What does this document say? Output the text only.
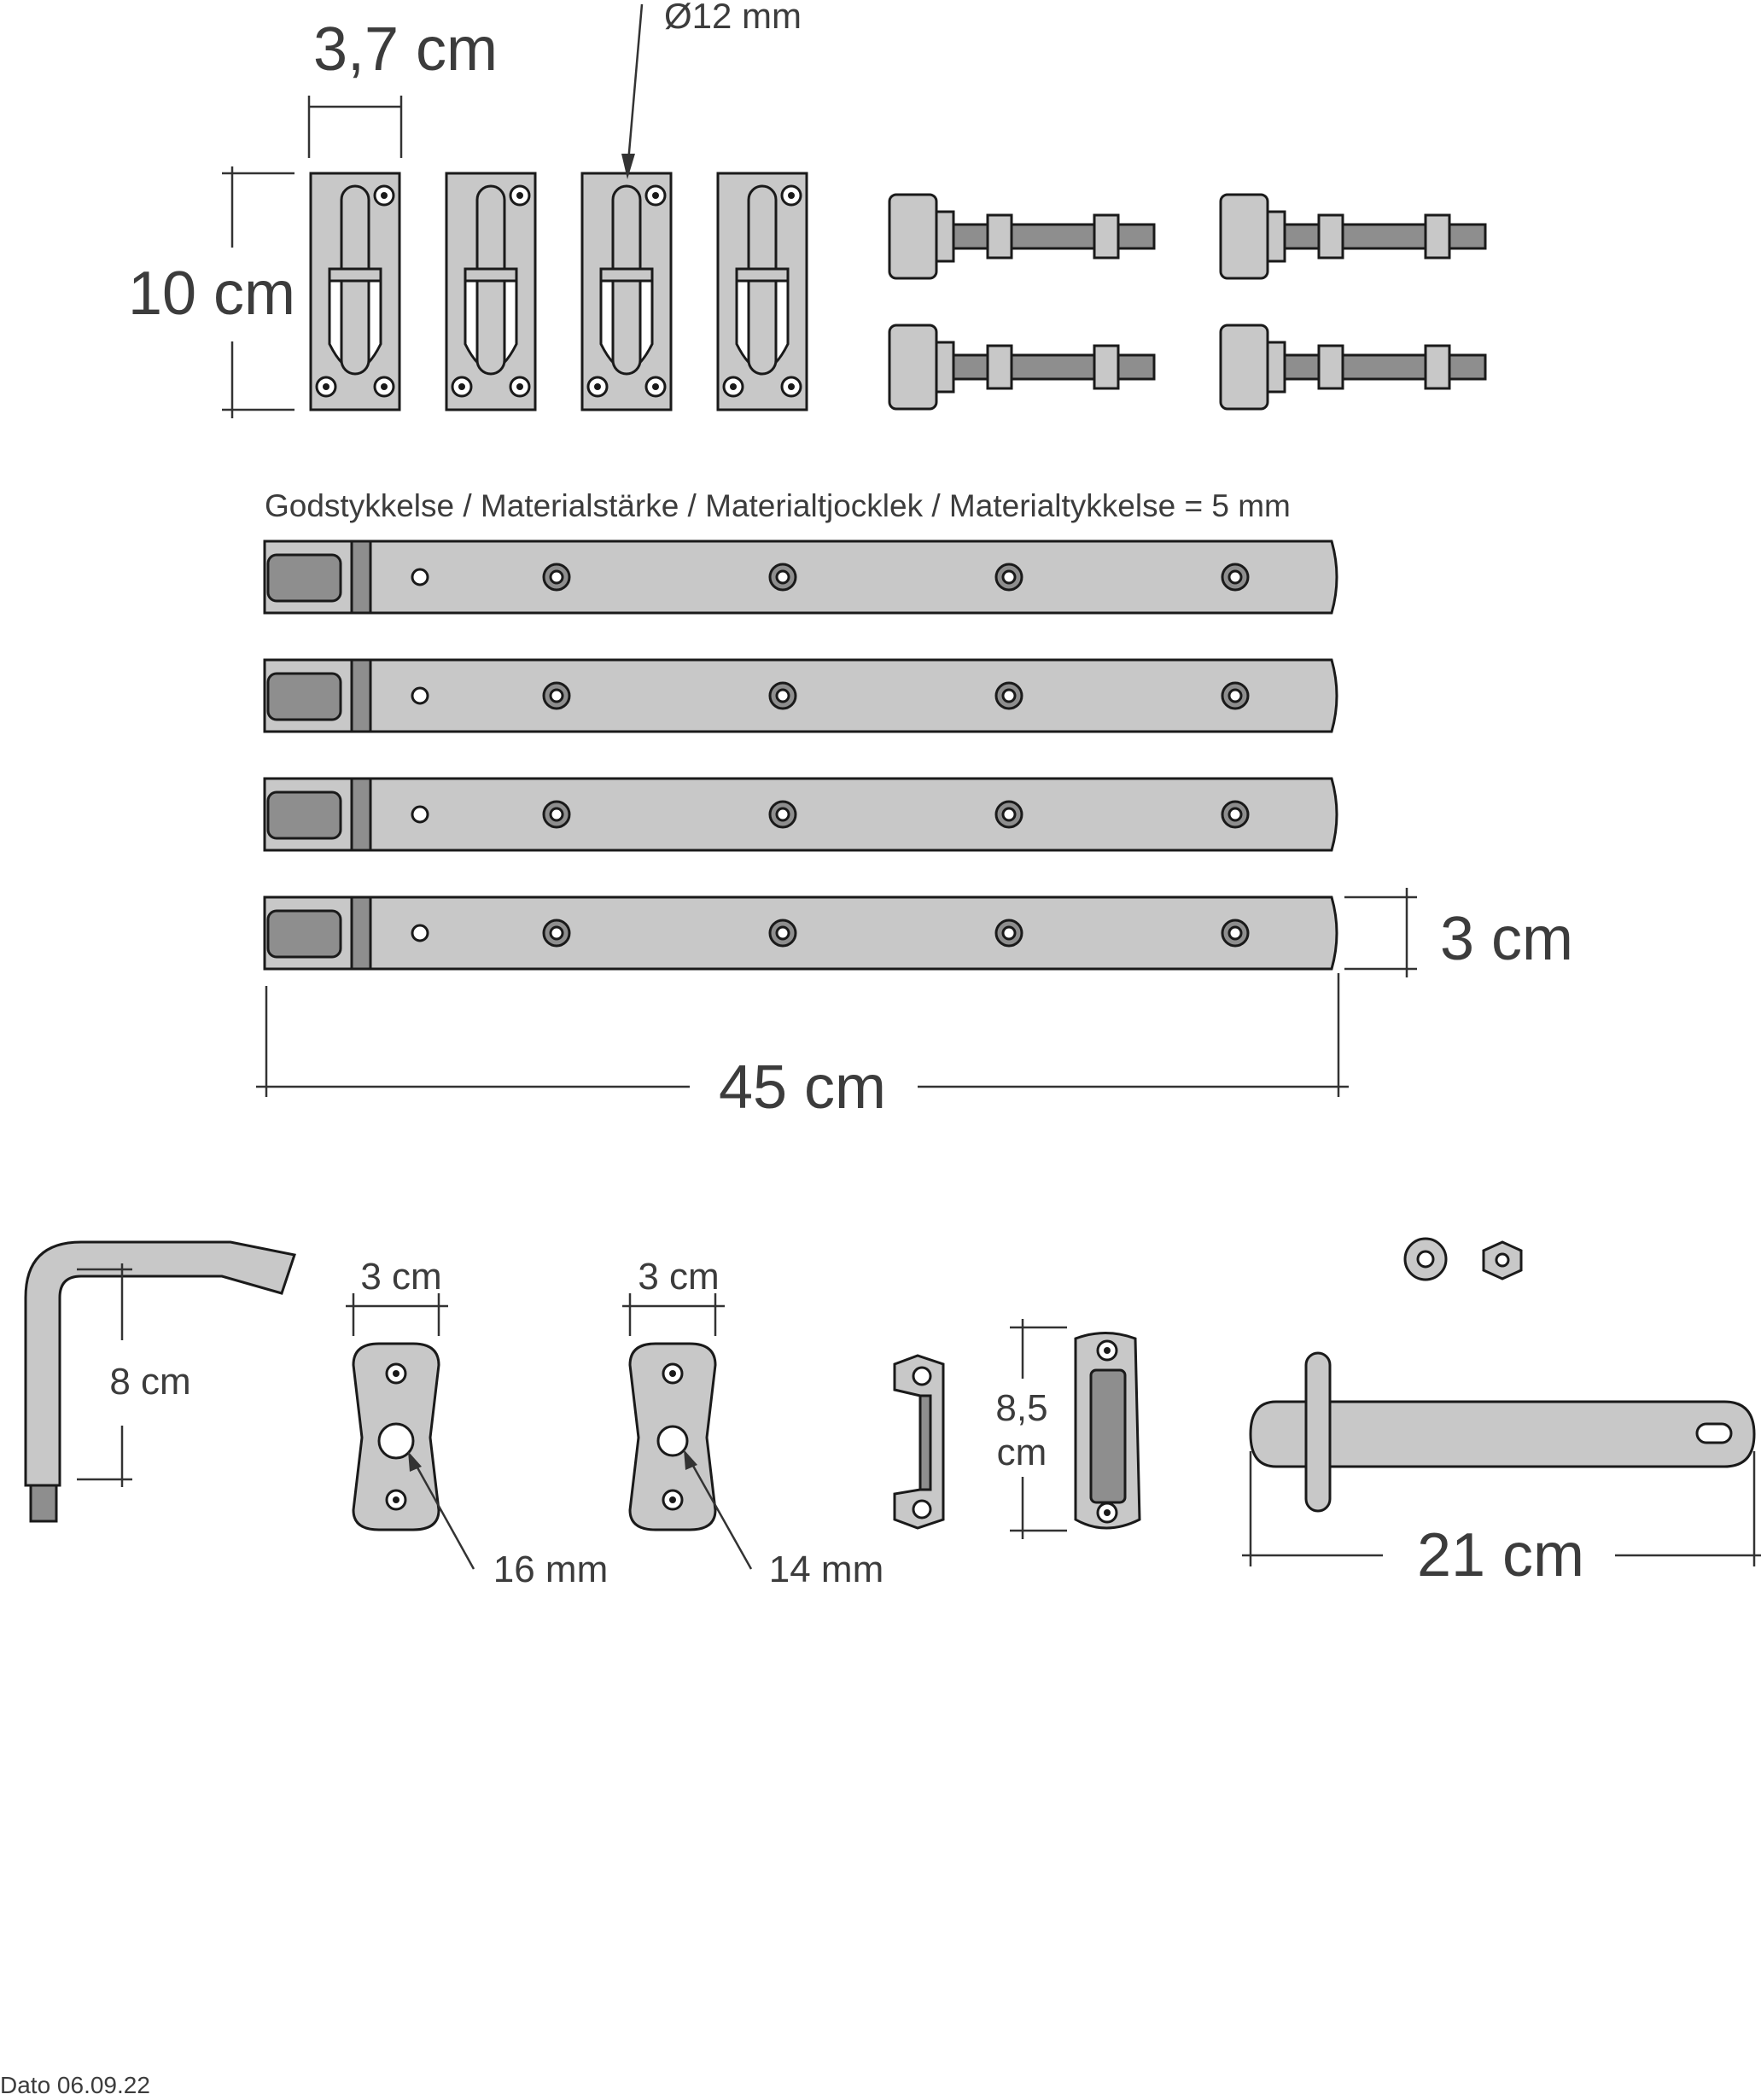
3,7 cm
10 cm
Ø12 mm
Godstykkelse / Materialstärke / Materialtjocklek / Materialtykkelse = 5 mm
3 cm
45 cm
8 cm
3 cm
16 mm
3 cm
14 mm
8,5
cm
21 cm
Dato 06.09.22
